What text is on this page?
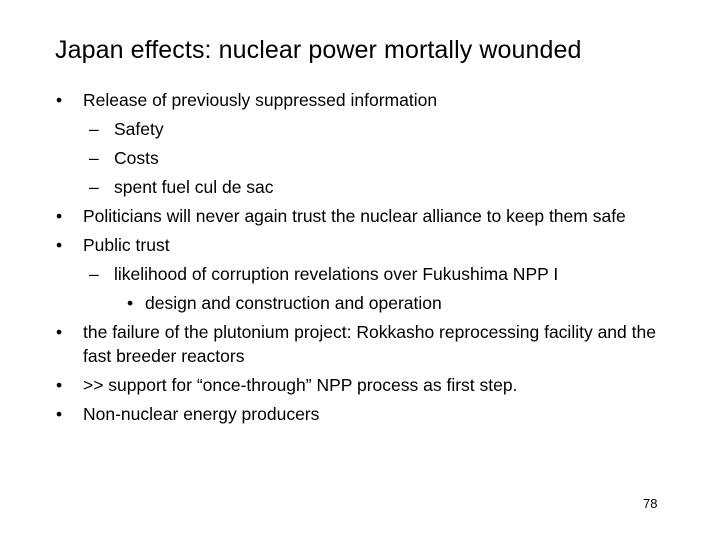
Japan effects: nuclear power mortally wounded
• Release of previously suppressed information
– Safety
– Costs
– spent fuel cul de sac
• Politicians will never again trust the nuclear alliance to keep them safe
• Public trust
– likelihood of corruption revelations over Fukushima NPP I
• design and construction and operation
• the failure of the plutonium project: Rokkasho reprocessing facility and the fast breeder reactors
• >> support for “once-through” NPP process as first step.
• Non-nuclear energy producers
78
